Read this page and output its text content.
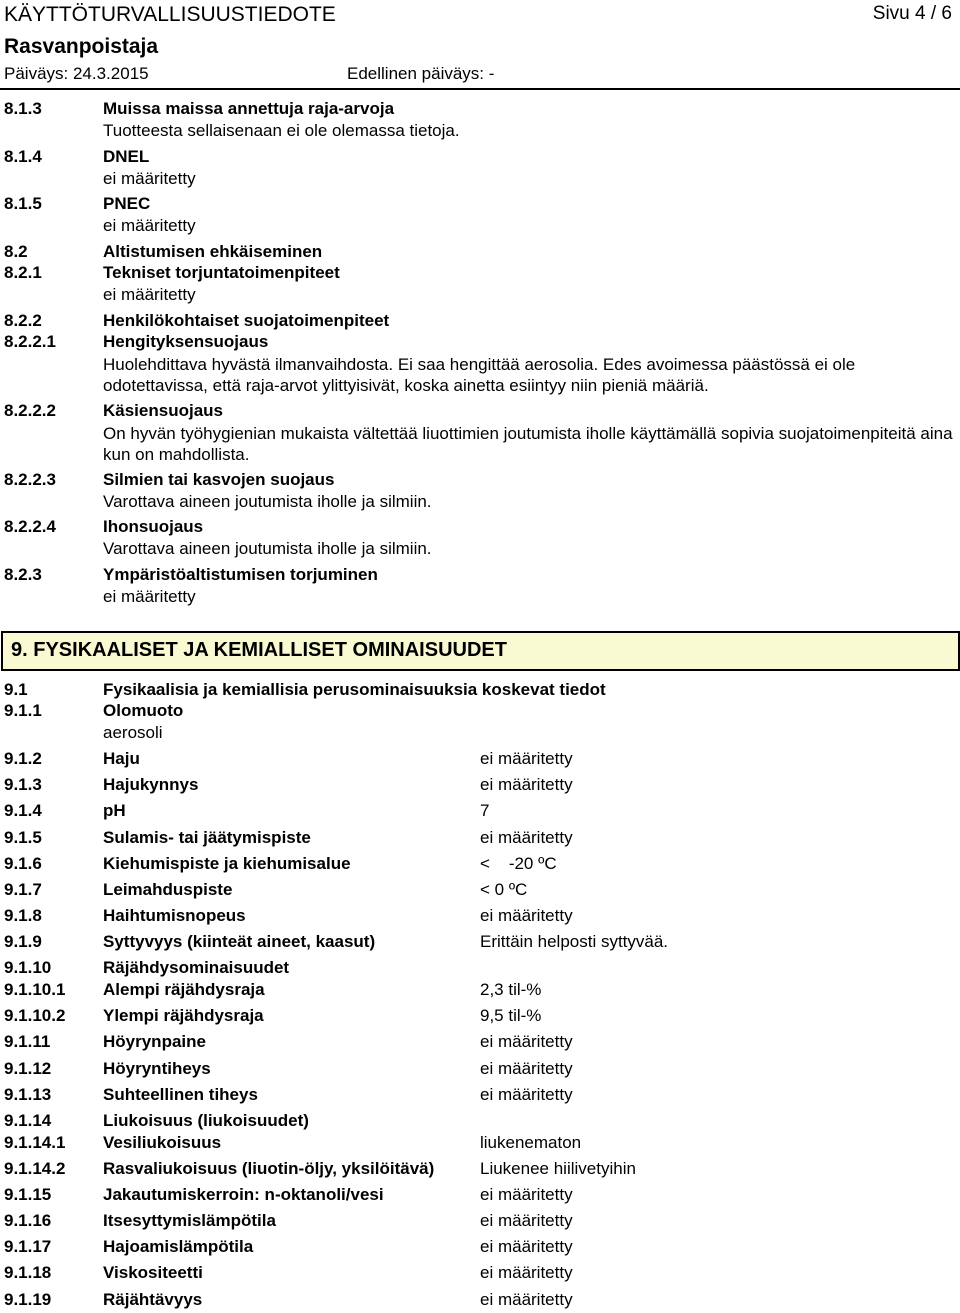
KÄYTTÖTURVALLISUUSTIEDOTE	Sivu 4 / 6
Rasvanpoistaja
Päiväys: 24.3.2015	Edellinen päiväys: -
8.1.3	Muissa maissa annettuja raja-arvoja
Tuotteesta sellaisenaan ei ole olemassa tietoja.
8.1.4	DNEL
ei määritetty
8.1.5	PNEC
ei määritetty
8.2	Altistumisen ehkäiseminen
8.2.1	Tekniset torjuntatoimenpiteet
ei määritetty
8.2.2	Henkilökohtaiset suojatoimenpiteet
8.2.2.1	Hengityksensuojaus
Huolehdittava hyvästä ilmanvaihdosta. Ei saa hengittää aerosolia. Edes avoimessa päästössä ei ole odotettavissa, että raja-arvot ylittyisivät, koska ainetta esiintyy niin pieniä määriä.
8.2.2.2	Käsiensuojaus
On hyvän työhygienian mukaista vältettää liuottimien joutumista iholle käyttämällä sopivia suojatoimenpiteitä aina kun on mahdollista.
8.2.2.3	Silmien tai kasvojen suojaus
Varottava aineen joutumista iholle ja silmiin.
8.2.2.4	Ihonsuojaus
Varottava aineen joutumista iholle ja silmiin.
8.2.3	Ympäristöaltistumisen torjuminen
ei määritetty
9. FYSIKAALISET JA KEMIALLISET OMINAISUUDET
9.1	Fysikaalisia ja kemiallisia perusominaisuuksia koskevat tiedot
9.1.1	Olomuoto
aerosoli
9.1.2	Haju	ei määritetty
9.1.3	Hajukynnys	ei määritetty
9.1.4	pH	7
9.1.5	Sulamis- tai jäätymispiste	ei määritetty
9.1.6	Kiehumispiste ja kiehumisalue	<    -20 ºC
9.1.7	Leimahduspiste	< 0 ºC
9.1.8	Haihtumisnopeus	ei määritetty
9.1.9	Syttyvyys (kiinteät aineet, kaasut)	Erittäin helposti syttyvää.
9.1.10	Räjähdysominaisuudet
9.1.10.1 Alempi räjähdysraja	2,3 til-%
9.1.10.2 Ylempi räjähdysraja	9,5 til-%
9.1.11	Höyrynpaine	ei määritetty
9.1.12	Höyryntiheys	ei määritetty
9.1.13	Suhteellinen tiheys	ei määritetty
9.1.14	Liukoisuus (liukoisuudet)
9.1.14.1 Vesiliukoisuus	liukenematon
9.1.14.2 Rasvaliukoisuus (liuotin-öljy, yksilöitävä)	Liukenee hiilivetyihin
9.1.15	Jakautumiskerroin: n-oktanoli/vesi	ei määritetty
9.1.16	Itsesyttymislämpötila	ei määritetty
9.1.17	Hajoamislämpötila	ei määritetty
9.1.18	Viskositeetti	ei määritetty
9.1.19	Räjähtävyys	ei määritetty
